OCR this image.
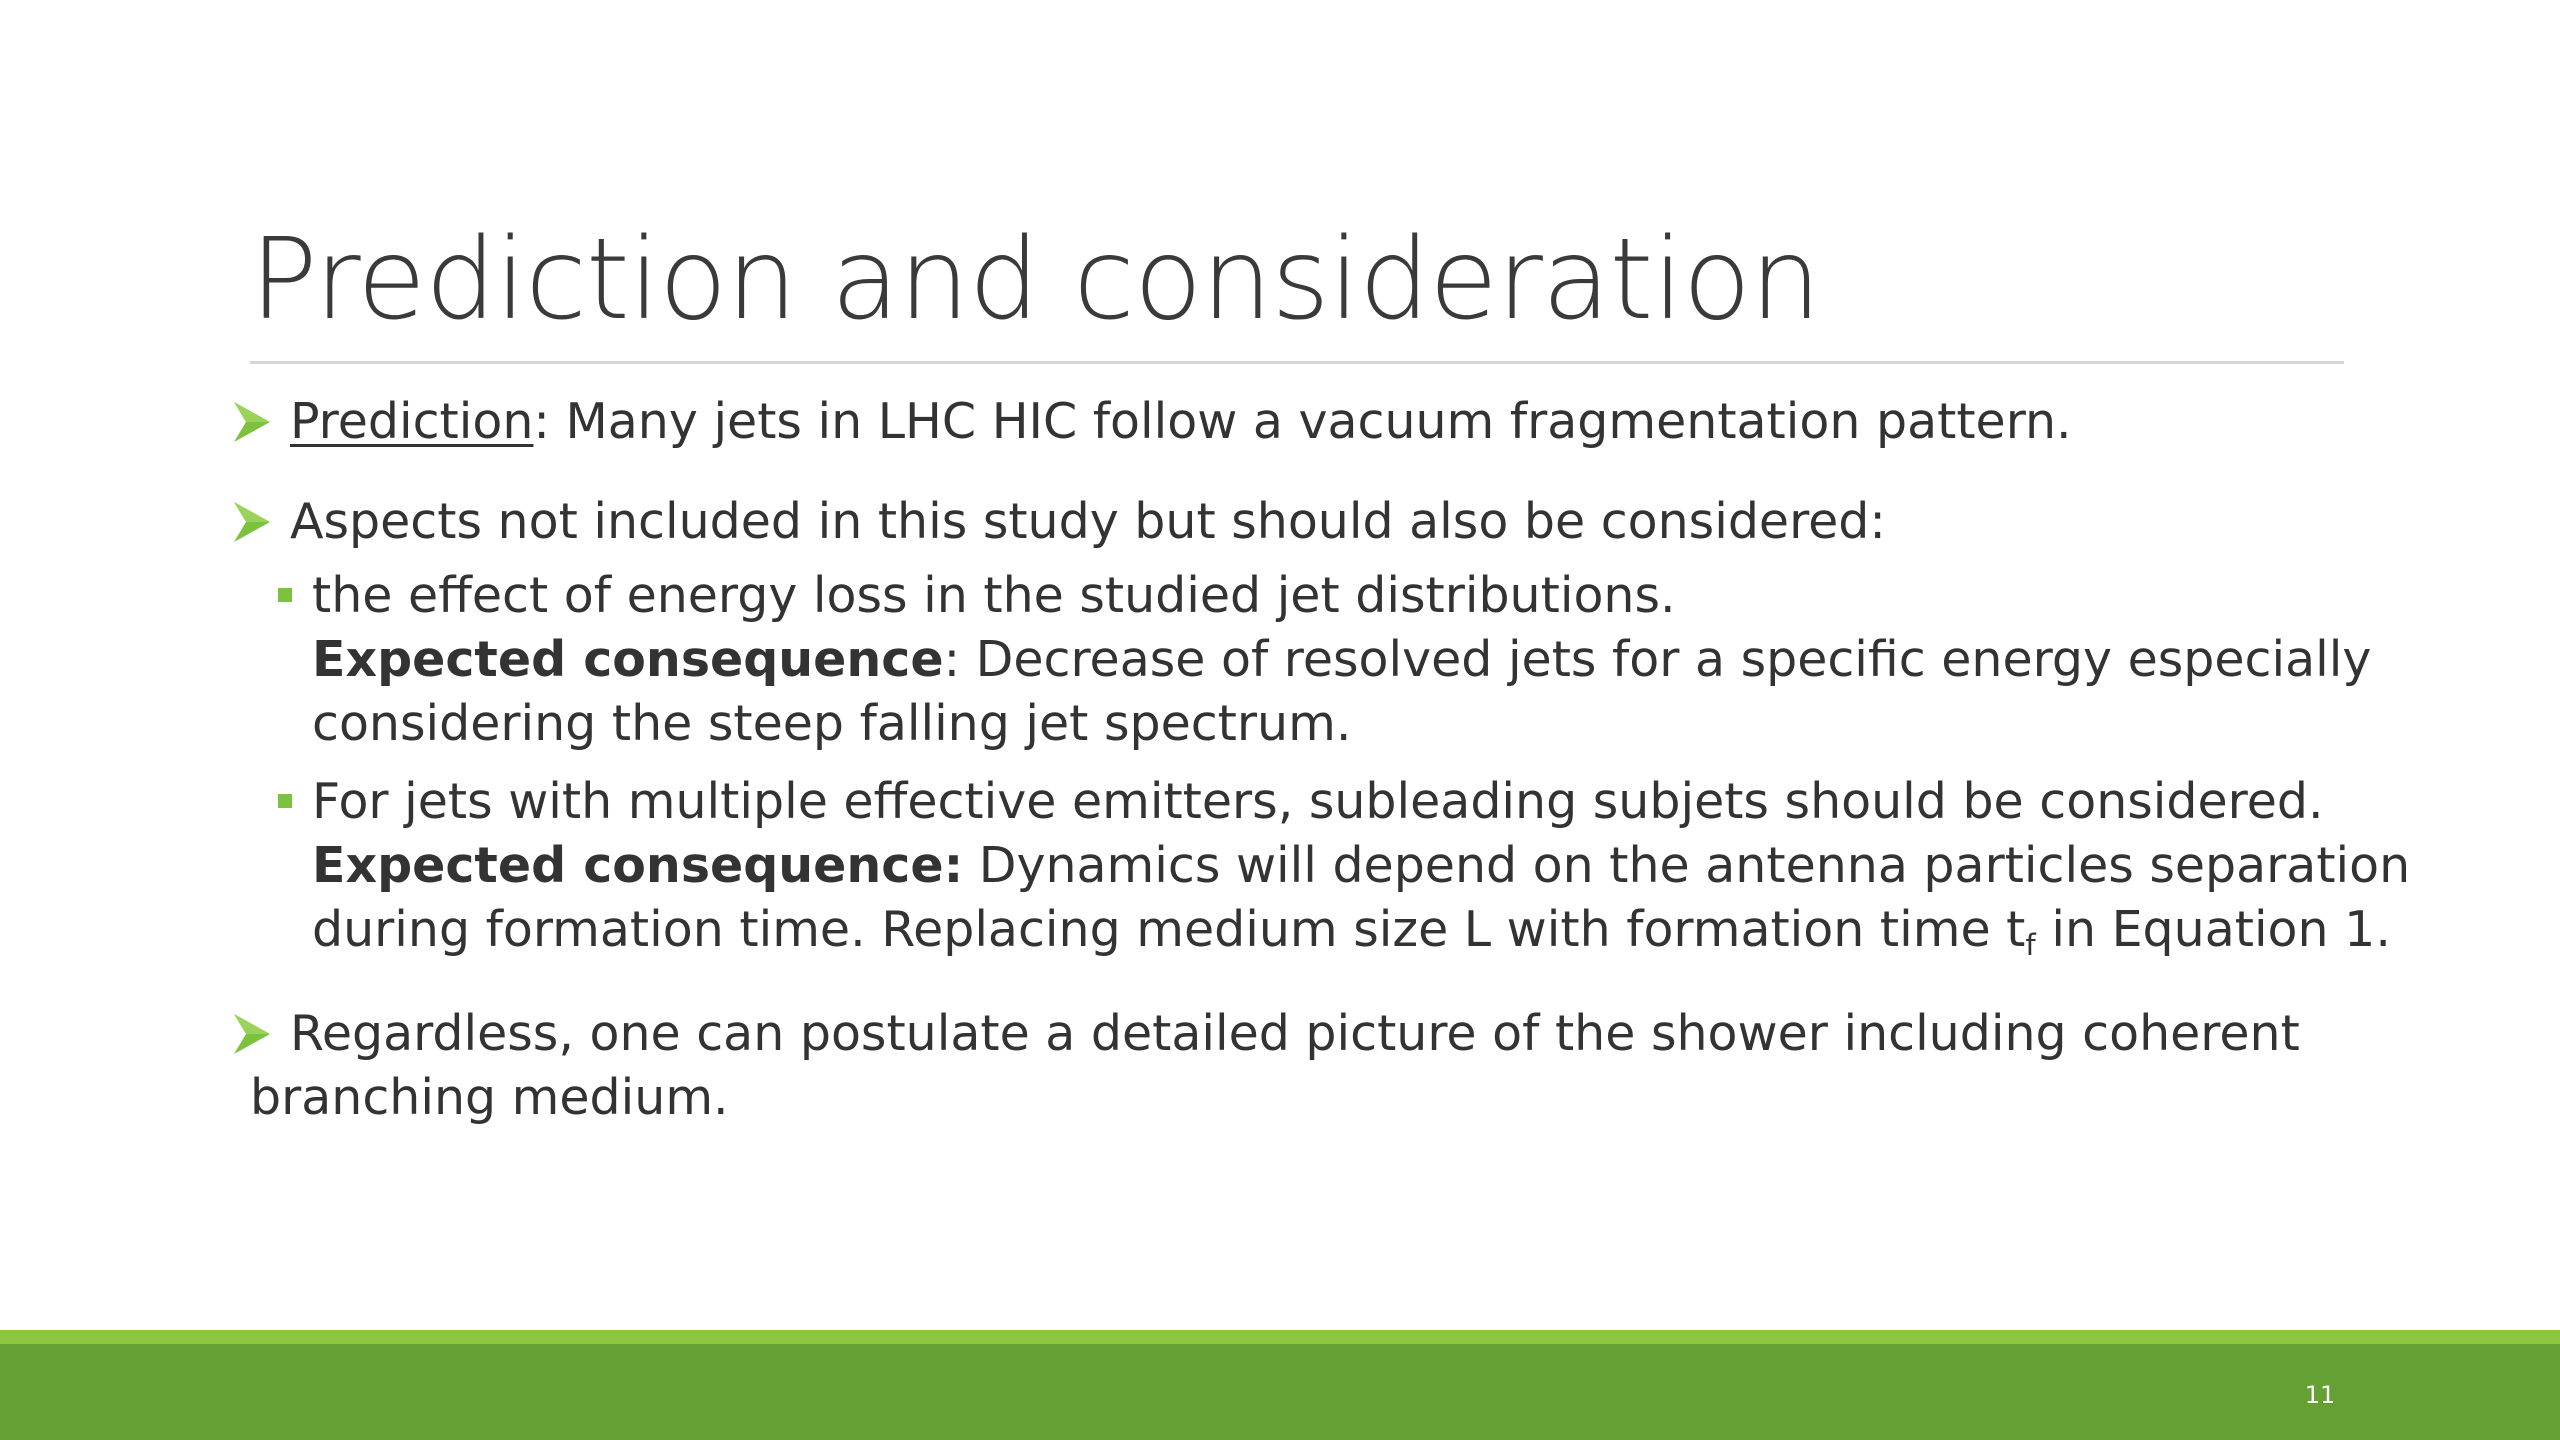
Prediction and consideration
Prediction: Many jets in LHC HIC follow a vacuum fragmentation pattern.
Aspects not included in this study but should also be considered:
the effect of energy loss in the studied jet distributions.
Expected consequence: Decrease of resolved jets for a specific energy especially
considering the steep falling jet spectrum.
For jets with multiple effective emitters, subleading subjets should be considered.
Expected consequence: Dynamics will depend on the antenna particles separation
during formation time. Replacing medium size L with formation time $t_f$ in Equation 1.
Regardless, one can postulate a detailed picture of the shower including coherent
branching medium.
11
